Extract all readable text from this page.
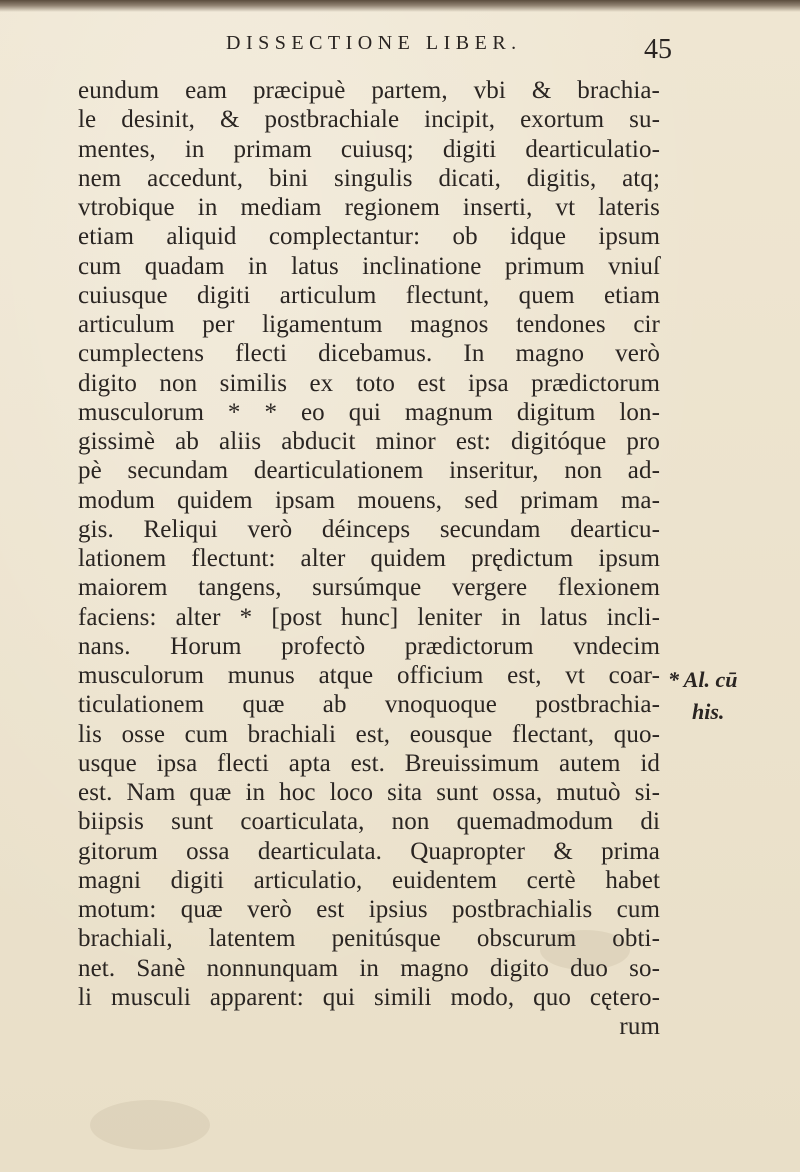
DISSECTIONE LIBER.	45
eundum eam præcipuè partem, vbi & brachia-
le desinit, & postbrachiale incipit, exortum su-
mentes, in primam cuiusq; digiti dearticulatio-
nem accedunt, bini singulis dicati, digitis, atq;
vtrobique in mediam regionem inserti, vt lateris
etiam aliquid complectantur: ob idque ipsum
cum quadam in latus inclinatione primum vniuſ
cuiusque digiti articulum flectunt, quem etiam
articulum per ligamentum magnos tendones cir
cumplectens flecti dicebamus. In magno verò
digito non similis ex toto est ipsa prædictorum
musculorum * * eo qui magnum digitum lon-
gissimè ab aliis abducit minor est: digitóque pro
pè secundam dearticulationem inseritur, non ad-
modum quidem ipsam mouens, sed primam ma-
gis. Reliqui verò déinceps secundam dearticu-
lationem flectunt: alter quidem prędictum ipsum
maiorem tangens, sursúmque vergere flexionem
faciens: alter * [post hunc] leniter in latus incli-
nans. Horum profectò prædictorum vndecim
musculorum munus atque officium est, vt coar-
ticulationem quæ ab vnoquoque postbrachia-
lis osse cum brachiali est, eousque flectant, quo-
usque ipsa flecti apta est. Breuissimum autem id
est. Nam quæ in hoc loco sita sunt ossa, mutuò si-
biipsis sunt coarticulata, non quemadmodum di
gitorum ossa dearticulata. Quapropter & prima
magni digiti articulatio, euidentem certè habet
motum: quæ verò est ipsius postbrachialis cum
brachiali, latentem penitúsque obscurum obti-
net. Sanè nonnunquam in magno digito duo so-
li musculi apparent: qui simili modo, quo cętero-
rum
* Al. cū
his.
